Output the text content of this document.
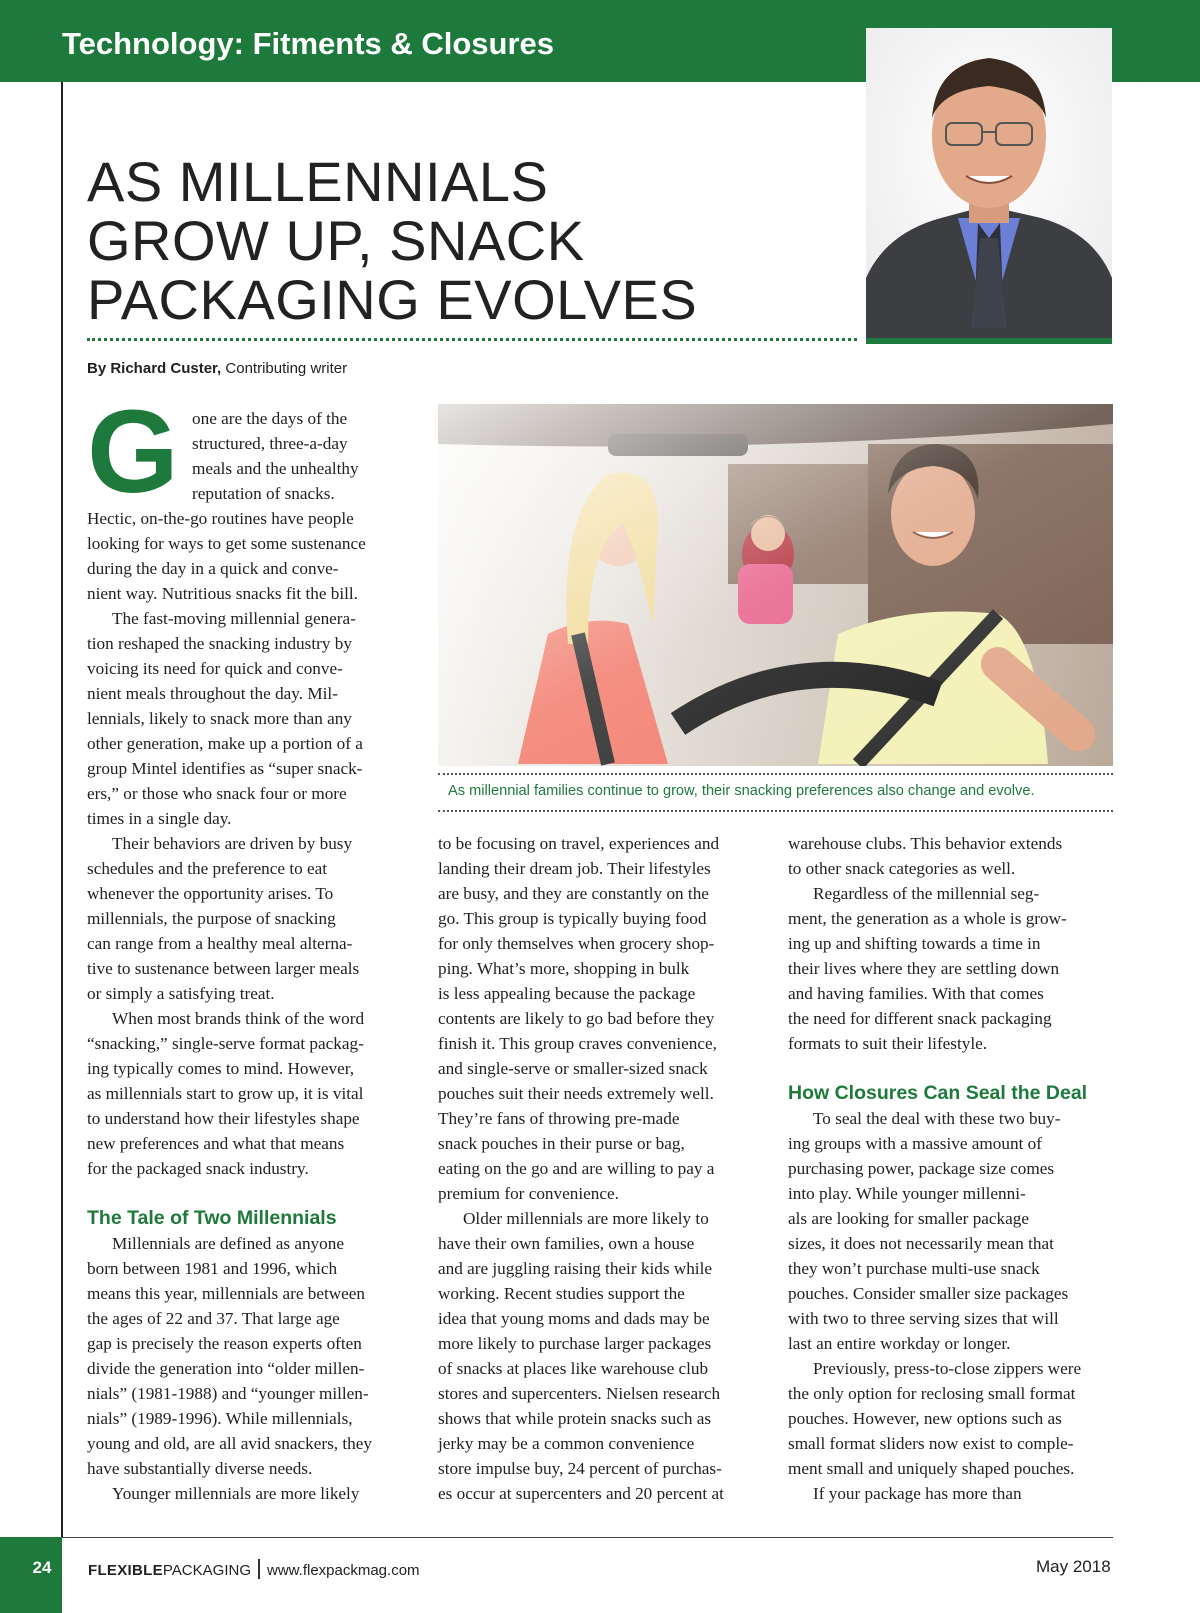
Technology: Fitments & Closures
AS MILLENNIALS
GROW UP, SNACK
PACKAGING EVOLVES
By Richard Custer, Contributing writer
G one are the days of the
structured, three-a-day
meals and the unhealthy
reputation of snacks.
Hectic, on-the-go routines have people
looking for ways to get some sustenance
during the day in a quick and conve-
nient way. Nutritious snacks fit the bill.
The fast-moving millennial genera-
tion reshaped the snacking industry by
voicing its need for quick and conve-
nient meals throughout the day. Mil-
lennials, likely to snack more than any
other generation, make up a portion of a
group Mintel identifies as “super snack-
ers,” or those who snack four or more
times in a single day.
Their behaviors are driven by busy
schedules and the preference to eat
whenever the opportunity arises. To
millennials, the purpose of snacking
can range from a healthy meal alterna-
tive to sustenance between larger meals
or simply a satisfying treat.
When most brands think of the word
“snacking,” single-serve format packag-
ing typically comes to mind. However,
as millennials start to grow up, it is vital
to understand how their lifestyles shape
new preferences and what that means
for the packaged snack industry.
The Tale of Two Millennials
Millennials are defined as anyone
born between 1981 and 1996, which
means this year, millennials are between
the ages of 22 and 37. That large age
gap is precisely the reason experts often
divide the generation into “older millen-
nials” (1981-1988) and “younger millen-
nials” (1989-1996). While millennials,
young and old, are all avid snackers, they
have substantially diverse needs.
Younger millennials are more likely
As millennial families continue to grow, their snacking preferences also change and evolve.
to be focusing on travel, experiences and
landing their dream job. Their lifestyles
are busy, and they are constantly on the
go. This group is typically buying food
for only themselves when grocery shop-
ping. What’s more, shopping in bulk
is less appealing because the package
contents are likely to go bad before they
finish it. This group craves convenience,
and single-serve or smaller-sized snack
pouches suit their needs extremely well.
They’re fans of throwing pre-made
snack pouches in their purse or bag,
eating on the go and are willing to pay a
premium for convenience.
Older millennials are more likely to
have their own families, own a house
and are juggling raising their kids while
working. Recent studies support the
idea that young moms and dads may be
more likely to purchase larger packages
of snacks at places like warehouse club
stores and supercenters. Nielsen research
shows that while protein snacks such as
jerky may be a common convenience
store impulse buy, 24 percent of purchas-
es occur at supercenters and 20 percent at
warehouse clubs. This behavior extends
to other snack categories as well.
Regardless of the millennial seg-
ment, the generation as a whole is grow-
ing up and shifting towards a time in
their lives where they are settling down
and having families. With that comes
the need for different snack packaging
formats to suit their lifestyle.
How Closures Can Seal the Deal
To seal the deal with these two buy-
ing groups with a massive amount of
purchasing power, package size comes
into play. While younger millenni-
als are looking for smaller package
sizes, it does not necessarily mean that
they won’t purchase multi-use snack
pouches. Consider smaller size packages
with two to three serving sizes that will
last an entire workday or longer.
Previously, press-to-close zippers were
the only option for reclosing small format
pouches. However, new options such as
small format sliders now exist to comple-
ment small and uniquely shaped pouches.
If your package has more than
24	FLEXIBLEPACKAGING www.flexpackmag.com	May 2018
